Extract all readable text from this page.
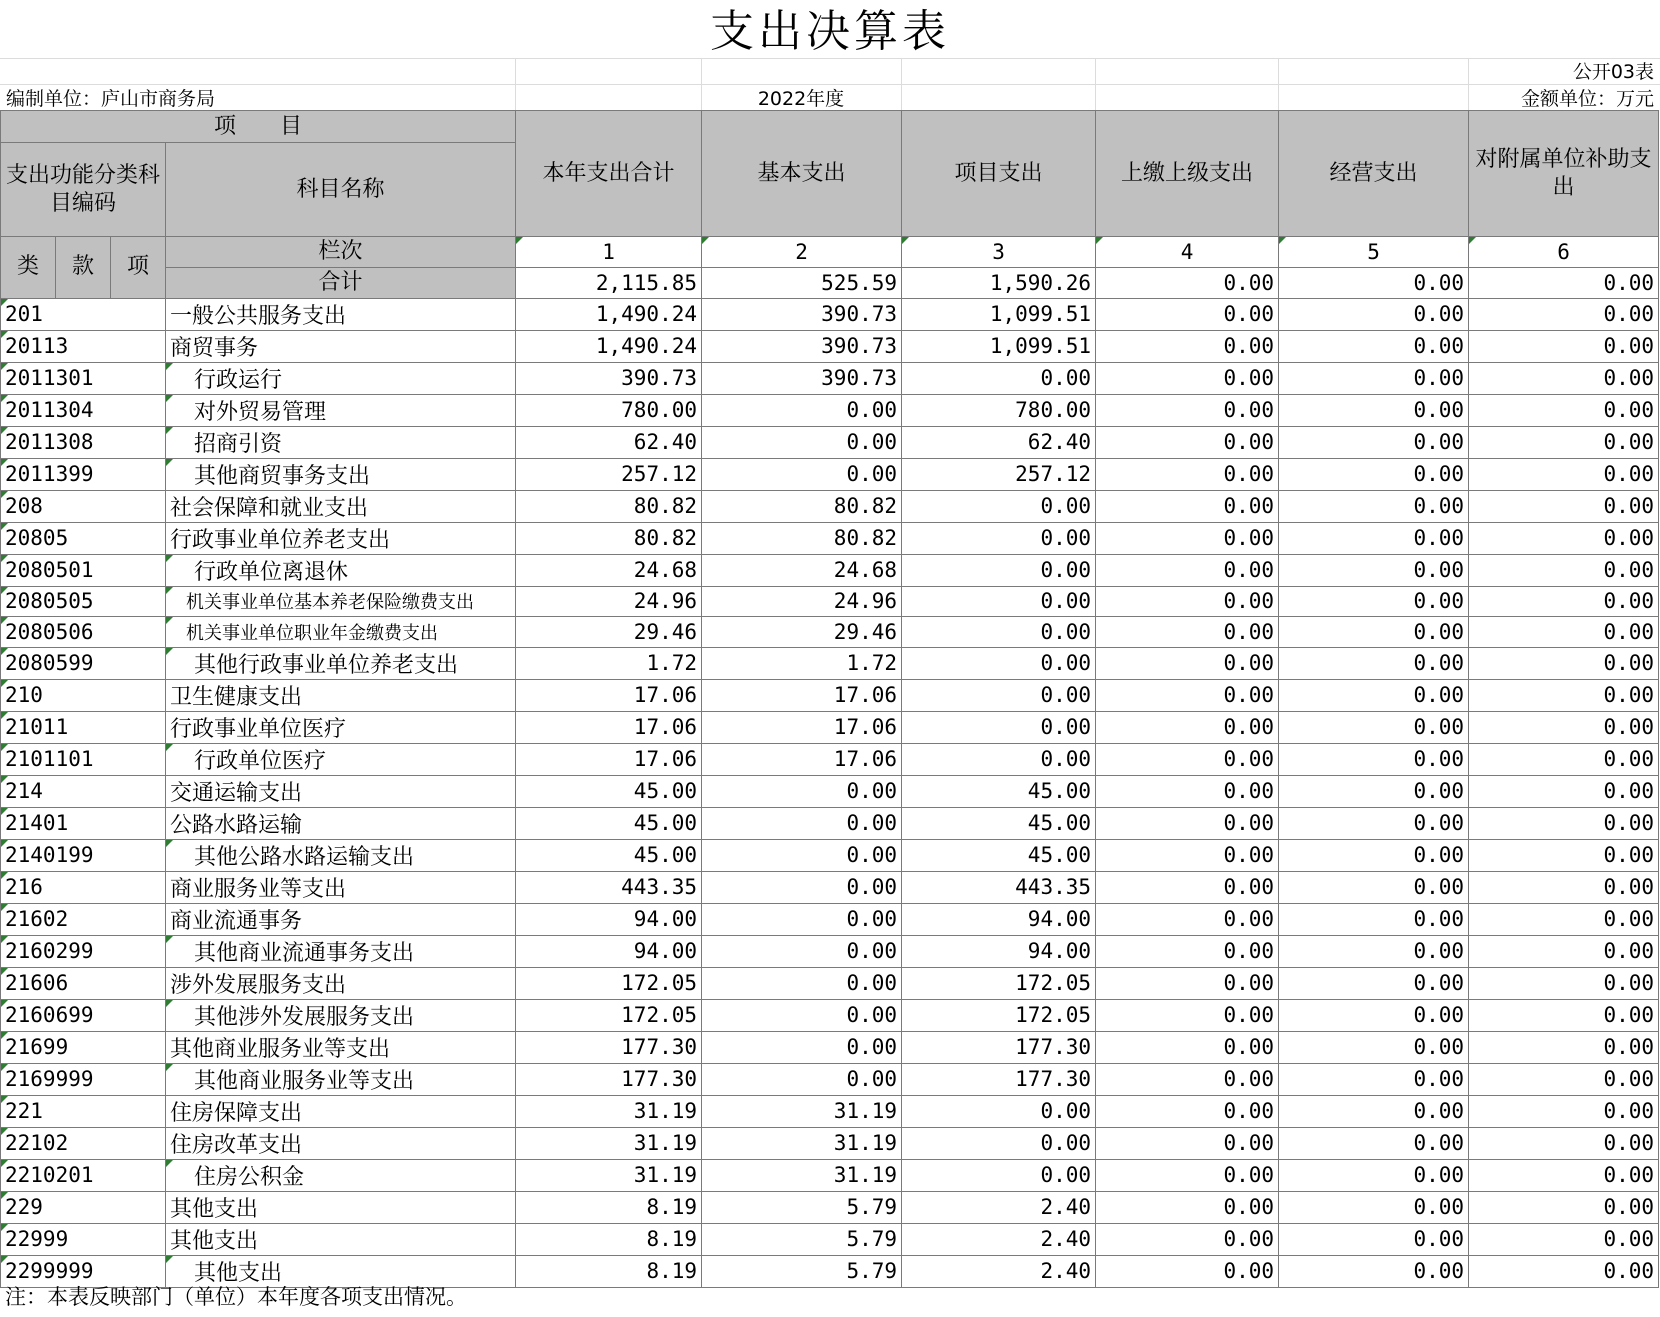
支出决算表
公开03表
编制单位：庐山市商务局	2022年度	金额单位：万元
项　　目				本年支出合计	基本支出	项目支出	上缴上级支出	经营支出	对附属单位补助支出
支出功能分类科目编码			科目名称						
类	款	项	栏次	1	2	3	4	5	6
			合计	2,115.85	525.59	1,590.26	0.00	0.00	0.00
201			一般公共服务支出	1,490.24	390.73	1,099.51	0.00	0.00	0.00
20113			商贸事务	1,490.24	390.73	1,099.51	0.00	0.00	0.00
2011301			行政运行	390.73	390.73	0.00	0.00	0.00	0.00
2011304			对外贸易管理	780.00	0.00	780.00	0.00	0.00	0.00
2011308			招商引资	62.40	0.00	62.40	0.00	0.00	0.00
2011399			其他商贸事务支出	257.12	0.00	257.12	0.00	0.00	0.00
208			社会保障和就业支出	80.82	80.82	0.00	0.00	0.00	0.00
20805			行政事业单位养老支出	80.82	80.82	0.00	0.00	0.00	0.00
2080501			行政单位离退休	24.68	24.68	0.00	0.00	0.00	0.00
2080505			机关事业单位基本养老保险缴费支出	24.96	24.96	0.00	0.00	0.00	0.00
2080506			机关事业单位职业年金缴费支出	29.46	29.46	0.00	0.00	0.00	0.00
2080599			其他行政事业单位养老支出	1.72	1.72	0.00	0.00	0.00	0.00
210			卫生健康支出	17.06	17.06	0.00	0.00	0.00	0.00
21011			行政事业单位医疗	17.06	17.06	0.00	0.00	0.00	0.00
2101101			行政单位医疗	17.06	17.06	0.00	0.00	0.00	0.00
214			交通运输支出	45.00	0.00	45.00	0.00	0.00	0.00
21401			公路水路运输	45.00	0.00	45.00	0.00	0.00	0.00
2140199			其他公路水路运输支出	45.00	0.00	45.00	0.00	0.00	0.00
216			商业服务业等支出	443.35	0.00	443.35	0.00	0.00	0.00
21602			商业流通事务	94.00	0.00	94.00	0.00	0.00	0.00
2160299			其他商业流通事务支出	94.00	0.00	94.00	0.00	0.00	0.00
21606			涉外发展服务支出	172.05	0.00	172.05	0.00	0.00	0.00
2160699			其他涉外发展服务支出	172.05	0.00	172.05	0.00	0.00	0.00
21699			其他商业服务业等支出	177.30	0.00	177.30	0.00	0.00	0.00
2169999			其他商业服务业等支出	177.30	0.00	177.30	0.00	0.00	0.00
221			住房保障支出	31.19	31.19	0.00	0.00	0.00	0.00
22102			住房改革支出	31.19	31.19	0.00	0.00	0.00	0.00
2210201			住房公积金	31.19	31.19	0.00	0.00	0.00	0.00
229			其他支出	8.19	5.79	2.40	0.00	0.00	0.00
22999			其他支出	8.19	5.79	2.40	0.00	0.00	0.00
2299999			其他支出	8.19	5.79	2.40	0.00	0.00	0.00
注：本表反映部门（单位）本年度各项支出情况。
